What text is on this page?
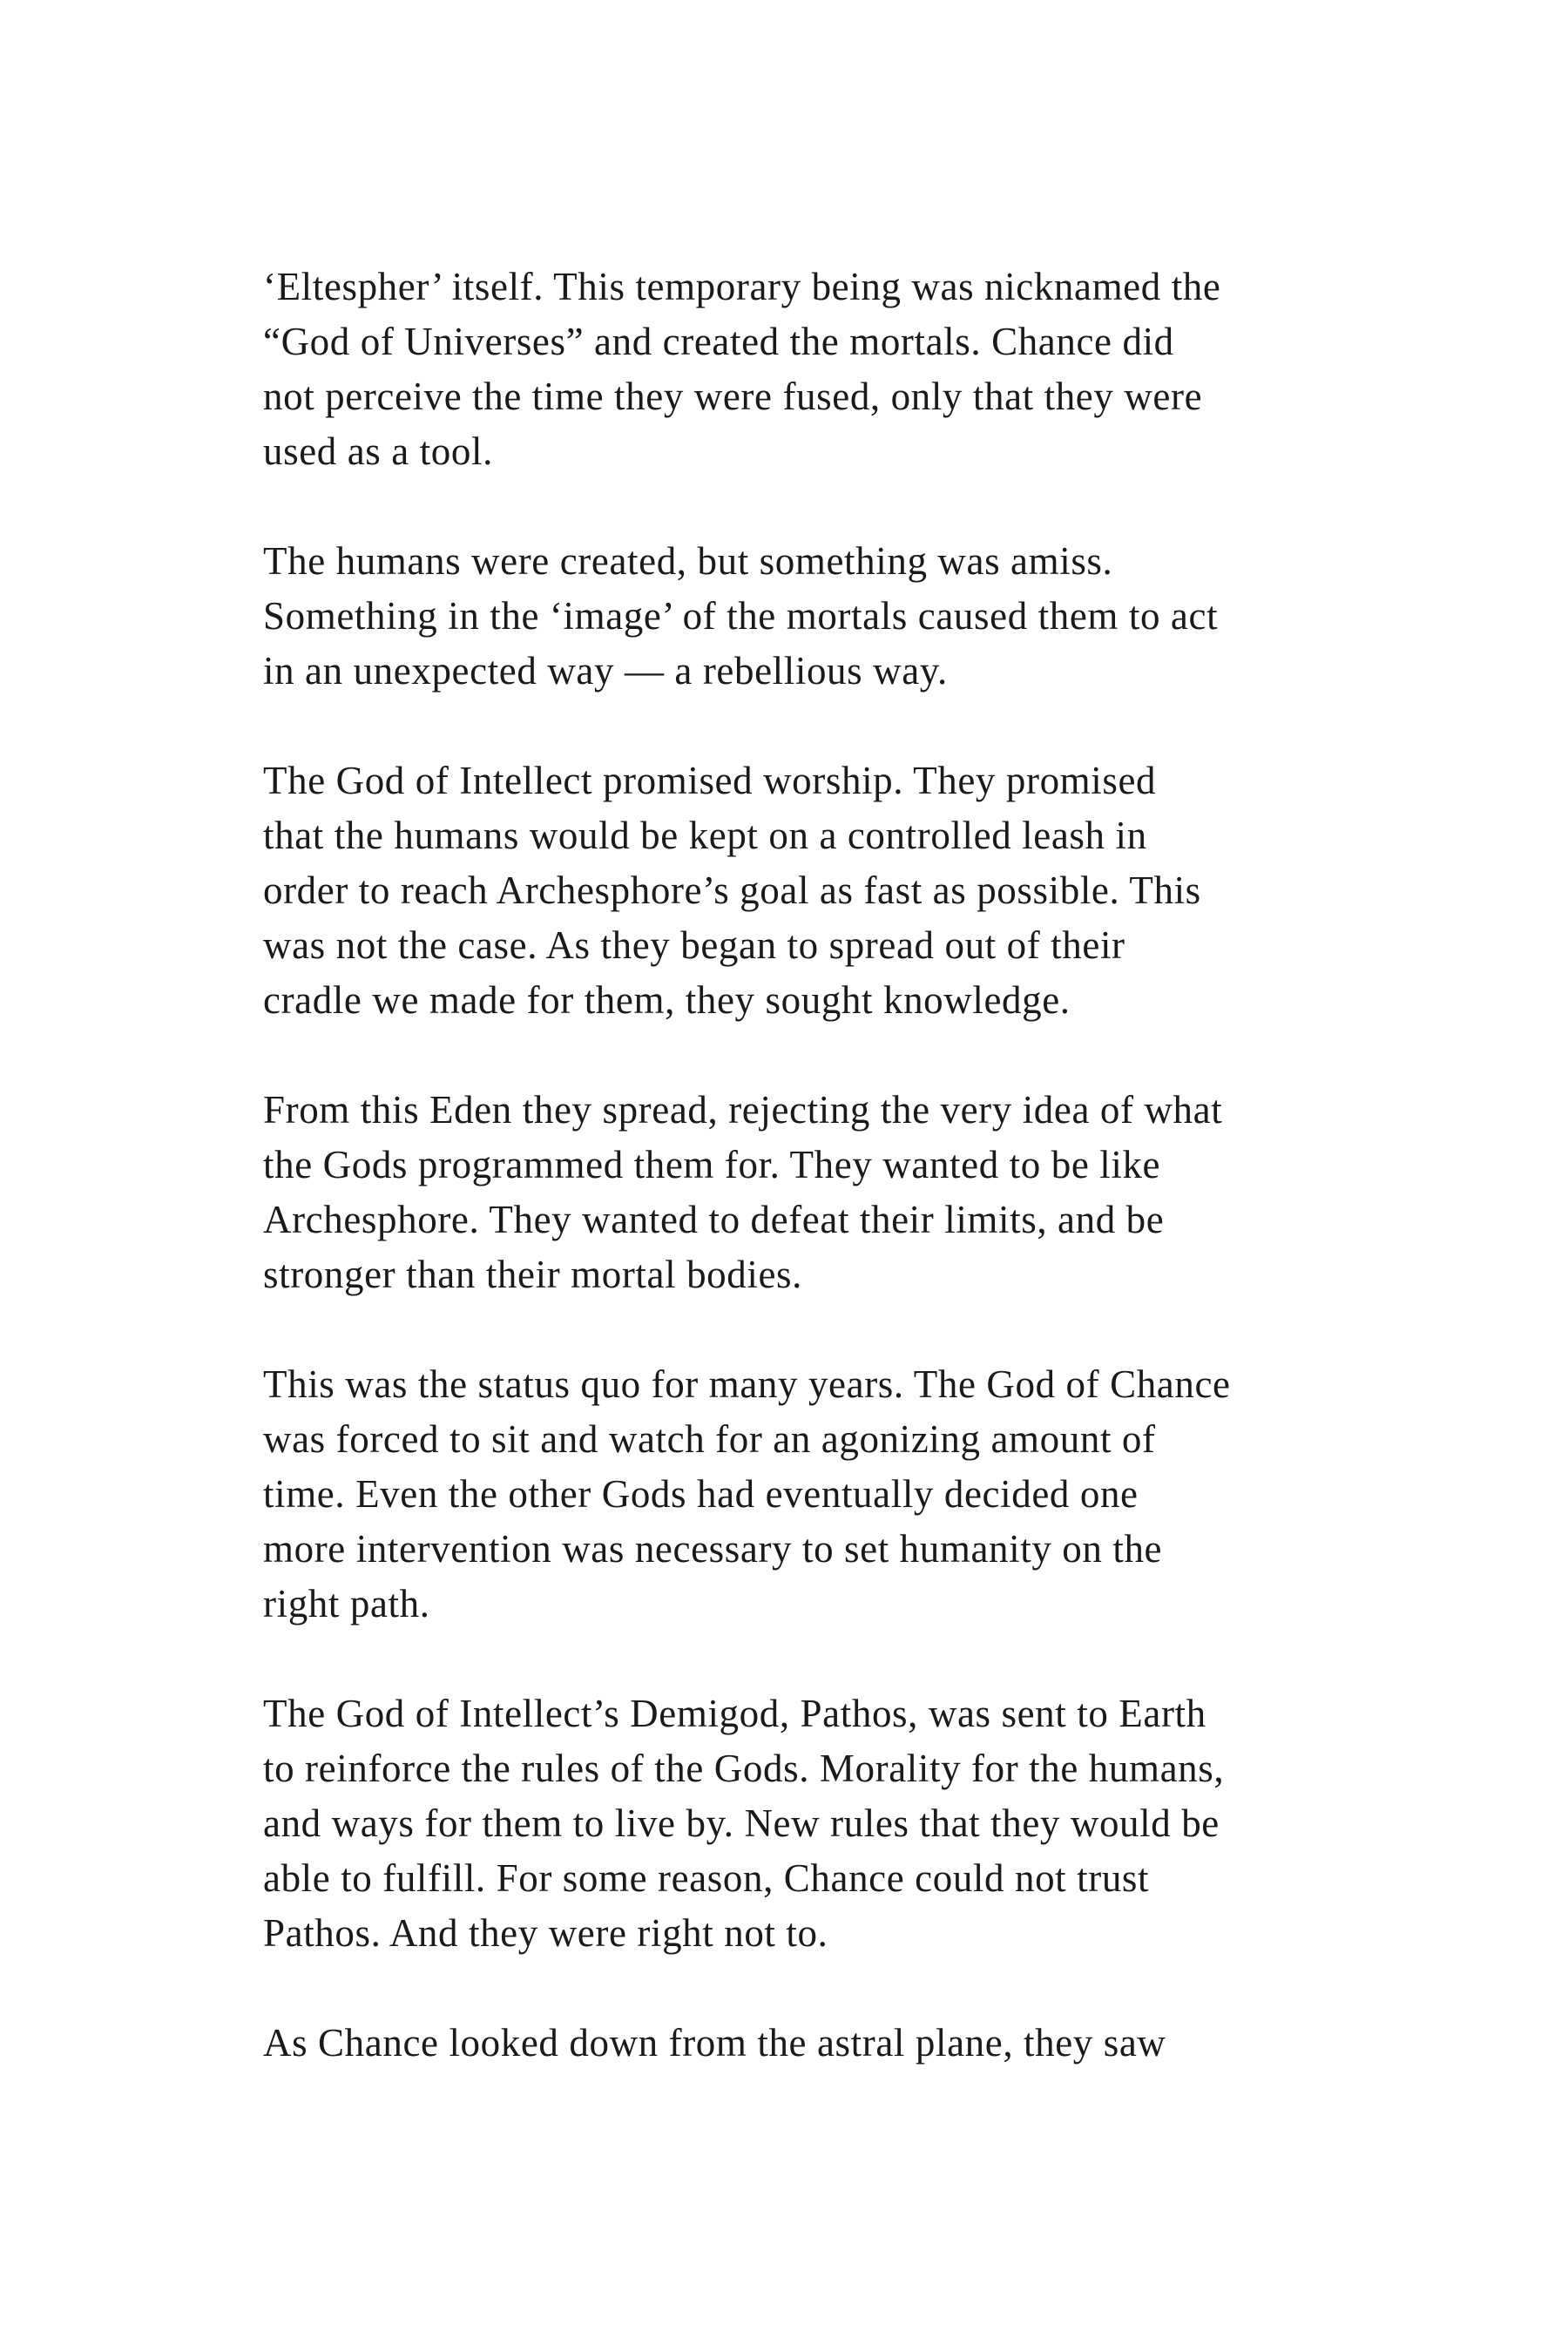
‘Eltespher’ itself. This temporary being was nicknamed the
“God of Universes” and created the mortals. Chance did
not perceive the time they were fused, only that they were
used as a tool.

The humans were created, but something was amiss.
Something in the ‘image’ of the mortals caused them to act
in an unexpected way — a rebellious way.

The God of Intellect promised worship. They promised
that the humans would be kept on a controlled leash in
order to reach Archesphore’s goal as fast as possible. This
was not the case. As they began to spread out of their
cradle we made for them, they sought knowledge.

From this Eden they spread, rejecting the very idea of what
the Gods programmed them for. They wanted to be like
Archesphore. They wanted to defeat their limits, and be
stronger than their mortal bodies.

This was the status quo for many years. The God of Chance
was forced to sit and watch for an agonizing amount of
time. Even the other Gods had eventually decided one
more intervention was necessary to set humanity on the
right path.

The God of Intellect’s Demigod, Pathos, was sent to Earth
to reinforce the rules of the Gods. Morality for the humans,
and ways for them to live by. New rules that they would be
able to fulfill. For some reason, Chance could not trust
Pathos. And they were right not to.

As Chance looked down from the astral plane, they saw
